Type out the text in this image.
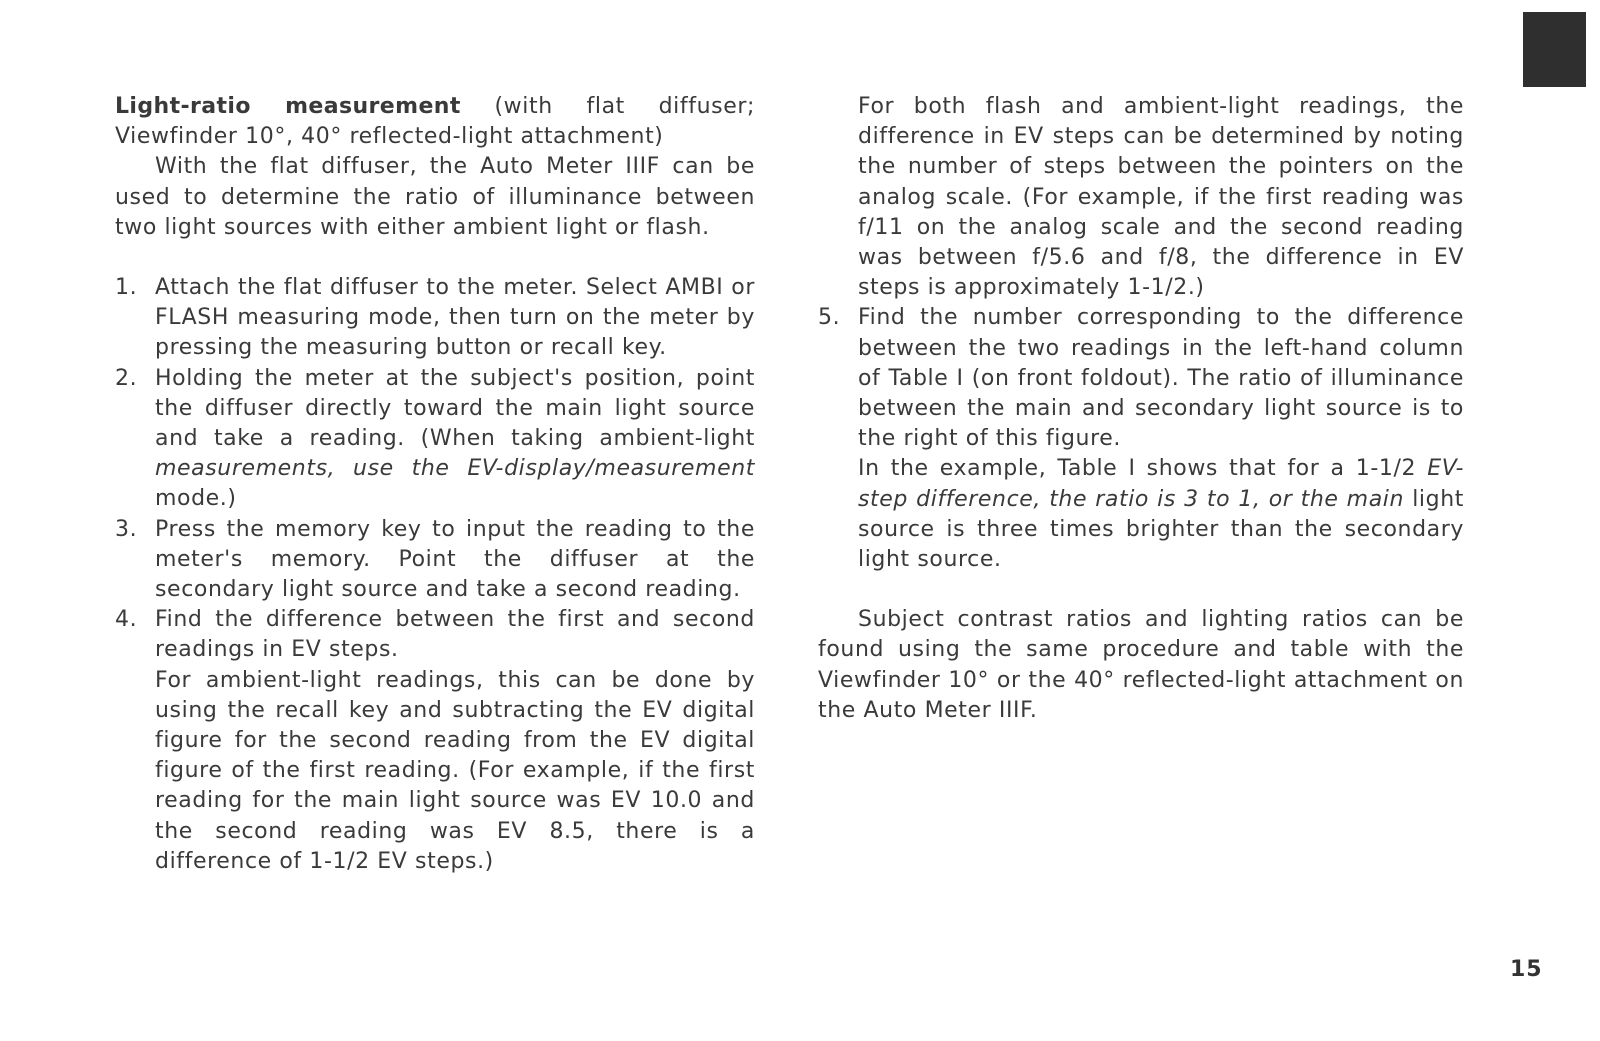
Light-ratio measurement (with flat diffuser; Viewfinder 10°, 40° reflected-light attachment)

With the flat diffuser, the Auto Meter IIIF can be used to determine the ratio of illuminance between two light sources with either ambient light or flash.

1. Attach the flat diffuser to the meter. Select AMBI or FLASH measuring mode, then turn on the meter by pressing the measuring button or recall key.

2. Holding the meter at the subject's position, point the diffuser directly toward the main light source and take a reading. (When taking ambient-light measurements, use the EV-display/measurement mode.)

3. Press the memory key to input the reading to the meter's memory. Point the diffuser at the secondary light source and take a second reading.

4. Find the difference between the first and second readings in EV steps.

For ambient-light readings, this can be done by using the recall key and subtracting the EV digital figure for the second reading from the EV digital figure of the first reading. (For example, if the first reading for the main light source was EV 10.0 and the second reading was EV 8.5, there is a difference of 1-1/2 EV steps.)

For both flash and ambient-light readings, the difference in EV steps can be determined by noting the number of steps between the pointers on the analog scale. (For example, if the first reading was f/11 on the analog scale and the second reading was between f/5.6 and f/8, the difference in EV steps is approximately 1-1/2.)

5. Find the number corresponding to the difference between the two readings in the left-hand column of Table I (on front foldout). The ratio of illuminance between the main and secondary light source is to the right of this figure.

In the example, Table I shows that for a 1-1/2 EV-step difference, the ratio is 3 to 1, or the main light source is three times brighter than the secondary light source.

Subject contrast ratios and lighting ratios can be found using the same procedure and table with the Viewfinder 10° or the 40° reflected-light attachment on the Auto Meter IIIF.

15
